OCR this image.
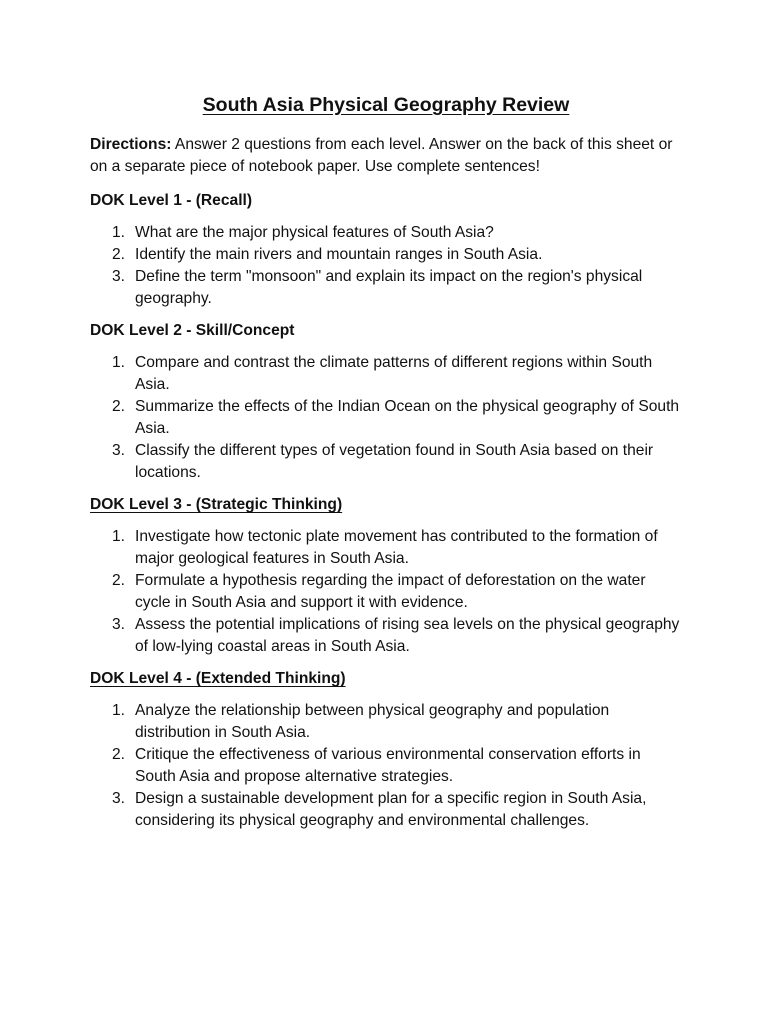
South Asia Physical Geography Review

Directions: Answer 2 questions from each level. Answer on the back of this sheet or on a separate piece of notebook paper. Use complete sentences!

DOK Level 1 - (Recall)
1. What are the major physical features of South Asia?
2. Identify the main rivers and mountain ranges in South Asia.
3. Define the term "monsoon" and explain its impact on the region's physical geography.
DOK Level 2 - Skill/Concept
1. Compare and contrast the climate patterns of different regions within South Asia.
2. Summarize the effects of the Indian Ocean on the physical geography of South Asia.
3. Classify the different types of vegetation found in South Asia based on their locations.
DOK Level 3 - (Strategic Thinking)
1. Investigate how tectonic plate movement has contributed to the formation of major geological features in South Asia.
2. Formulate a hypothesis regarding the impact of deforestation on the water cycle in South Asia and support it with evidence.
3. Assess the potential implications of rising sea levels on the physical geography of low-lying coastal areas in South Asia.
DOK Level 4 - (Extended Thinking)
1. Analyze the relationship between physical geography and population distribution in South Asia.
2. Critique the effectiveness of various environmental conservation efforts in South Asia and propose alternative strategies.
3. Design a sustainable development plan for a specific region in South Asia, considering its physical geography and environmental challenges.
